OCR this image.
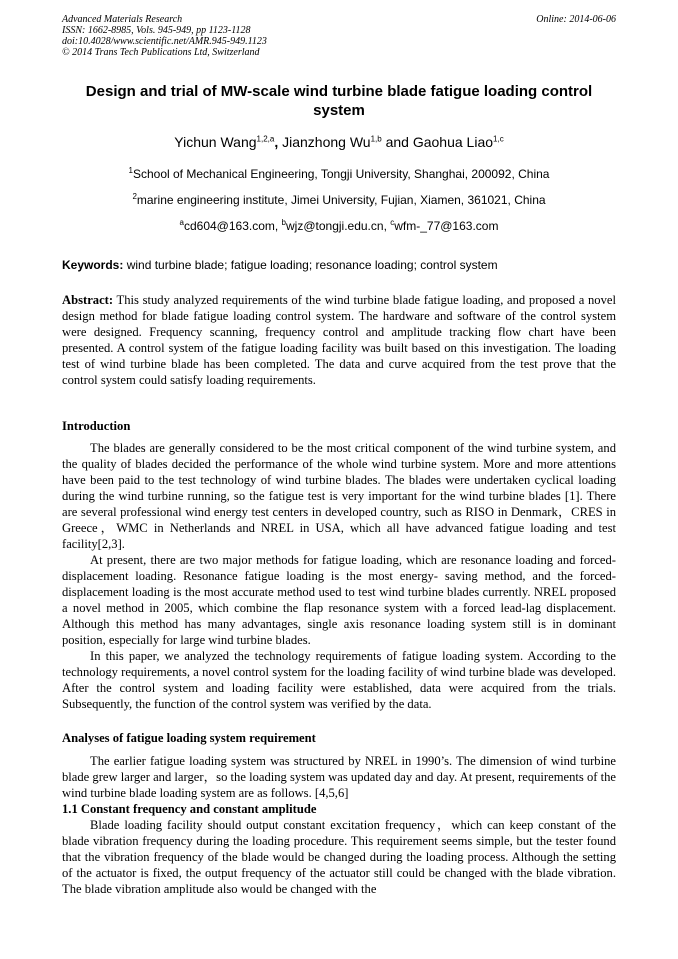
Advanced Materials Research
ISSN: 1662-8985, Vols. 945-949, pp 1123-1128
doi:10.4028/www.scientific.net/AMR.945-949.1123
© 2014 Trans Tech Publications Ltd, Switzerland
Online: 2014-06-06
Design and trial of MW-scale wind turbine blade fatigue loading control system
Yichun Wang$^{1,2,a}$, Jianzhong Wu$^{1,b}$ and Gaohua Liao$^{1,c}$
$^1$School of Mechanical Engineering, Tongji University, Shanghai, 200092, China
$^2$marine engineering institute, Jimei University, Fujian, Xiamen, 361021, China
$^a$cd604@163.com, $^b$wjz@tongji.edu.cn, $^c$wfm-_77@163.com
Keywords: wind turbine blade; fatigue loading; resonance loading; control system

Abstract: This study analyzed requirements of the wind turbine blade fatigue loading, and proposed a novel design method for blade fatigue loading control system. The hardware and software of the control system were designed. Frequency scanning, frequency control and amplitude tracking flow chart have been presented. A control system of the fatigue loading facility was built based on this investigation. The loading test of wind turbine blade has been completed. The data and curve acquired from the test prove that the control system could satisfy loading requirements.

Introduction

The blades are generally considered to be the most critical component of the wind turbine system, and the quality of blades decided the performance of the whole wind turbine system. More and more attentions have been paid to the test technology of wind turbine blades. The blades were undertaken cyclical loading during the wind turbine running, so the fatigue test is very important for the wind turbine blades [1]. There are several professional wind energy test centers in developed country, such as RISO in Denmark，CRES in Greece，WMC in Netherlands and NREL in USA, which all have advanced fatigue loading and test facility[2,3].

At present, there are two major methods for fatigue loading, which are resonance loading and forced-displacement loading. Resonance fatigue loading is the most energy- saving method, and the forced-displacement loading is the most accurate method used to test wind turbine blades currently. NREL proposed a novel method in 2005, which combine the flap resonance system with a forced lead-lag displacement. Although this method has many advantages, single axis resonance loading system still is in dominant position, especially for large wind turbine blades.

In this paper, we analyzed the technology requirements of fatigue loading system. According to the technology requirements, a novel control system for the loading facility of wind turbine blade was developed. After the control system and loading facility were established, data were acquired from the trials. Subsequently, the function of the control system was verified by the data.

Analyses of fatigue loading system requirement

The earlier fatigue loading system was structured by NREL in 1990’s. The dimension of wind turbine blade grew larger and larger，so the loading system was updated day and day. At present, requirements of the wind turbine blade loading system are as follows. [4,5,6]

1.1 Constant frequency and constant amplitude

Blade loading facility should output constant excitation frequency，which can keep constant of the blade vibration frequency during the loading procedure. This requirement seems simple, but the tester found that the vibration frequency of the blade would be changed during the loading process. Although the setting of the actuator is fixed, the output frequency of the actuator still could be changed with the blade vibration. The blade vibration amplitude also would be changed with the
